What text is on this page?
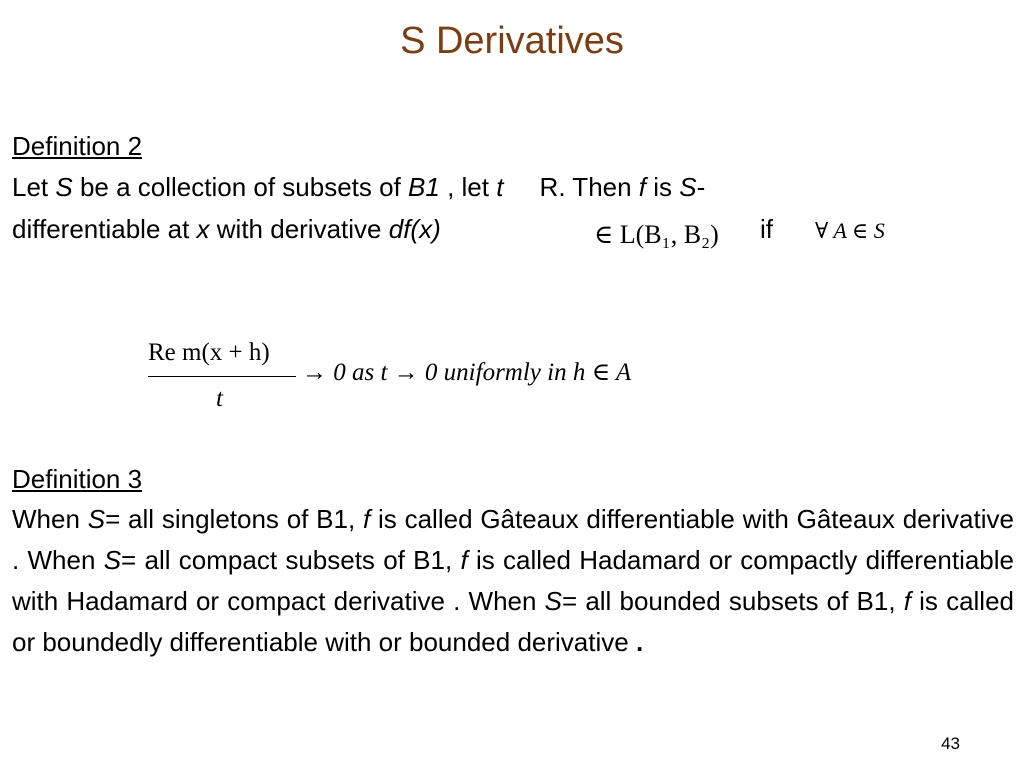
S Derivatives
Definition 2
Let S be a collection of subsets of B1 , let t     R. Then f is S-
differentiable at x with derivative df(x)	∈ L(B₁, B₂) if ∀ A ∈ S
Re m(x + h)
t
→ 0 as t → 0 uniformly in h ∈ A
Definition 3
When S= all singletons of B1, f is called Gâteaux differentiable with Gâteaux derivative . When S= all compact subsets of B1, f is called Hadamard or compactly differentiable with Hadamard or compact derivative . When S= all bounded subsets of B1, f is called or boundedly differentiable with or bounded derivative .
43
